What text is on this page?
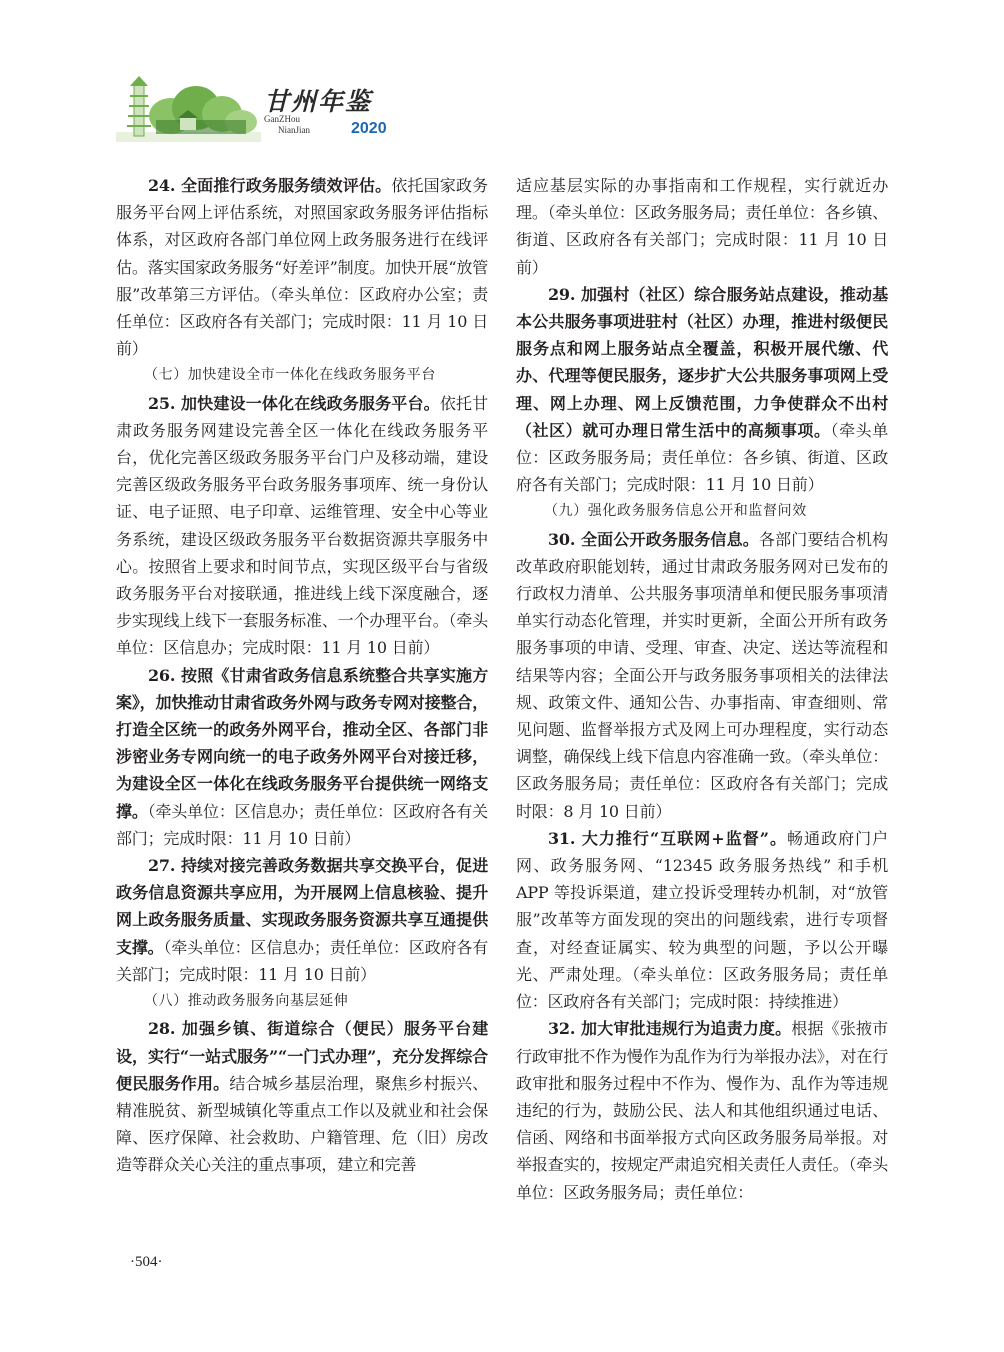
甘州年鉴
GanZHou
NianJian	2020

24. 全面推行政务服务绩效评估。依托国家政务服务平台网上评估系统，对照国家政务服务评估指标体系，对区政府各部门单位网上政务服务进行在线评估。落实国家政务服务“好差评”制度。加快开展“放管服”改革第三方评估。（牵头单位：区政府办公室；责任单位：区政府各有关部门；完成时限：11 月 10 日前）

（七）加快建设全市一体化在线政务服务平台

25. 加快建设一体化在线政务服务平台。依托甘肃政务服务网建设完善全区一体化在线政务服务平台，优化完善区级政务服务平台门户及移动端，建设完善区级政务服务平台政务服务事项库、统一身份认证、电子证照、电子印章、运维管理、安全中心等业务系统，建设区级政务服务平台数据资源共享服务中心。按照省上要求和时间节点，实现区级平台与省级政务服务平台对接联通，推进线上线下深度融合，逐步实现线上线下一套服务标准、一个办理平台。（牵头单位：区信息办；完成时限：11 月 10 日前）

26. 按照《甘肃省政务信息系统整合共享实施方案》，加快推动甘肃省政务外网与政务专网对接整合，打造全区统一的政务外网平台，推动全区、各部门非涉密业务专网向统一的电子政务外网平台对接迁移，为建设全区一体化在线政务服务平台提供统一网络支撑。（牵头单位：区信息办；责任单位：区政府各有关部门；完成时限：11 月 10 日前）

27. 持续对接完善政务数据共享交换平台，促进政务信息资源共享应用，为开展网上信息核验、提升网上政务服务质量、实现政务服务资源共享互通提供支撑。（牵头单位：区信息办；责任单位：区政府各有关部门；完成时限：11 月 10 日前）

（八）推动政务服务向基层延伸

28. 加强乡镇、街道综合（便民）服务平台建设，实行“一站式服务”“一门式办理”，充分发挥综合便民服务作用。结合城乡基层治理，聚焦乡村振兴、精准脱贫、新型城镇化等重点工作以及就业和社会保障、医疗保障、社会救助、户籍管理、危（旧）房改造等群众关心关注的重点事项，建立和完善

适应基层实际的办事指南和工作规程，实行就近办理。（牵头单位：区政务服务局；责任单位：各乡镇、街道、区政府各有关部门；完成时限：11 月 10 日前）

29. 加强村（社区）综合服务站点建设，推动基本公共服务事项进驻村（社区）办理，推进村级便民服务点和网上服务站点全覆盖，积极开展代缴、代办、代理等便民服务，逐步扩大公共服务事项网上受理、网上办理、网上反馈范围，力争使群众不出村（社区）就可办理日常生活中的高频事项。（牵头单位：区政务服务局；责任单位：各乡镇、街道、区政府各有关部门；完成时限：11 月 10 日前）

（九）强化政务服务信息公开和监督问效

30. 全面公开政务服务信息。各部门要结合机构改革政府职能划转，通过甘肃政务服务网对已发布的行政权力清单、公共服务事项清单和便民服务事项清单实行动态化管理，并实时更新，全面公开所有政务服务事项的申请、受理、审查、决定、送达等流程和结果等内容；全面公开与政务服务事项相关的法律法规、政策文件、通知公告、办事指南、审查细则、常见问题、监督举报方式及网上可办理程度，实行动态调整，确保线上线下信息内容准确一致。（牵头单位：区政务服务局；责任单位：区政府各有关部门；完成时限：8 月 10 日前）

31. 大力推行“互联网+监督”。畅通政府门户网、政务服务网、“12345 政务服务热线” 和手机 APP 等投诉渠道，建立投诉受理转办机制，对“放管服”改革等方面发现的突出的问题线索，进行专项督查，对经查证属实、较为典型的问题，予以公开曝光、严肃处理。（牵头单位：区政务服务局；责任单位：区政府各有关部门；完成时限：持续推进）

32. 加大审批违规行为追责力度。根据《张掖市行政审批不作为慢作为乱作为行为举报办法》，对在行政审批和服务过程中不作为、慢作为、乱作为等违规违纪的行为，鼓励公民、法人和其他组织通过电话、信函、网络和书面举报方式向区政务服务局举报。对举报查实的，按规定严肃追究相关责任人责任。（牵头单位：区政务服务局；责任单位：

·504·
